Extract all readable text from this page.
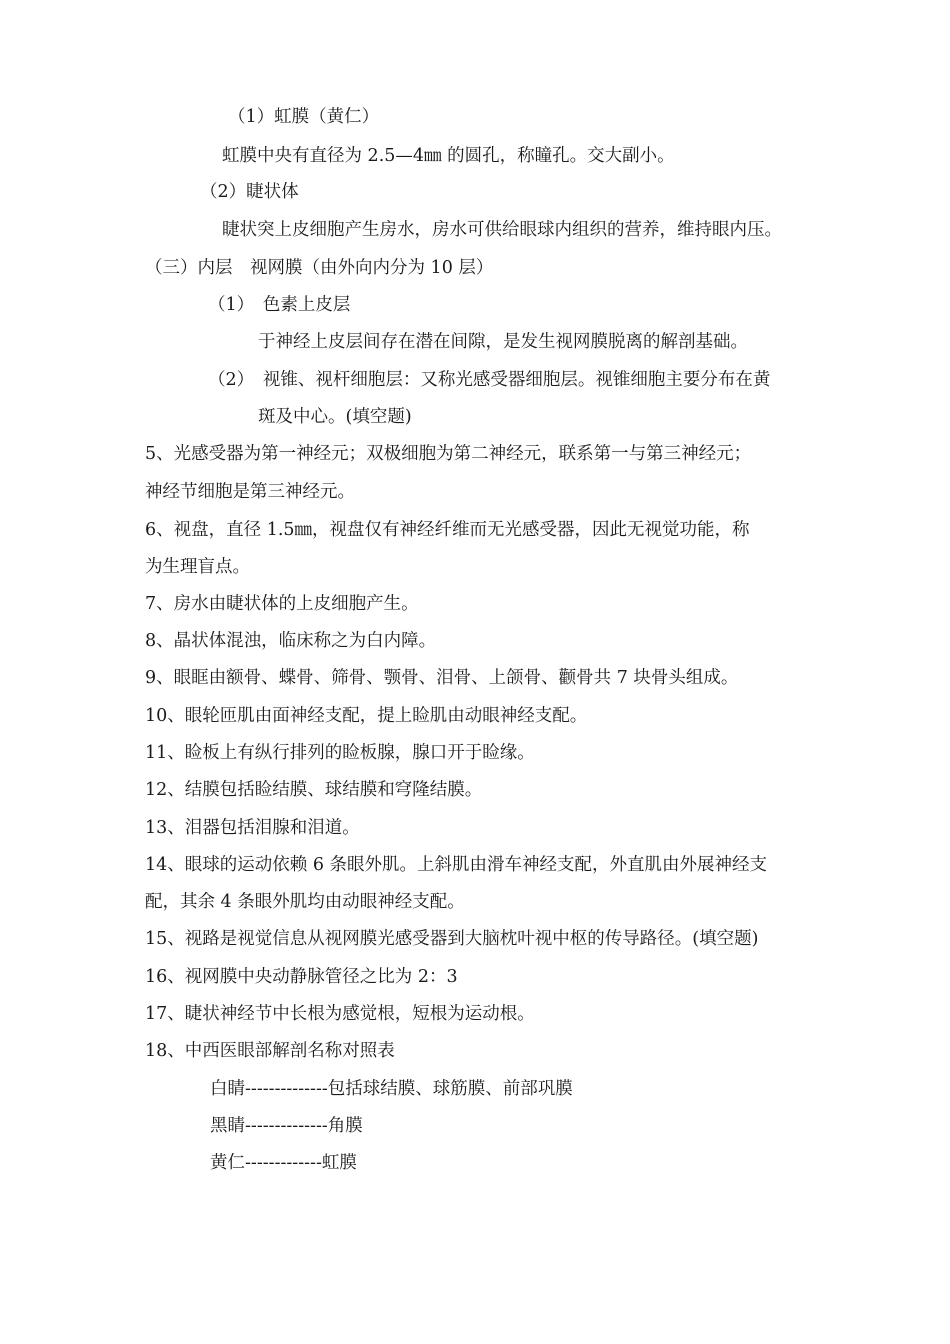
（1）虹膜（黄仁）
虹膜中央有直径为 2.5—4㎜ 的圆孔，称瞳孔。交大副小。
（2）睫状体
睫状突上皮细胞产生房水，房水可供给眼球内组织的营养，维持眼内压。
（三）内层　视网膜（由外向内分为 10 层）
（1）　色素上皮层
于神经上皮层间存在潜在间隙，是发生视网膜脱离的解剖基础。
（2）　视锥、视杆细胞层：又称光感受器细胞层。视锥细胞主要分布在黄
斑及中心。(填空题)
5、光感受器为第一神经元；双极细胞为第二神经元，联系第一与第三神经元；
神经节细胞是第三神经元。
6、视盘，直径 1.5㎜，视盘仅有神经纤维而无光感受器，因此无视觉功能，称
为生理盲点。
7、房水由睫状体的上皮细胞产生。
8、晶状体混浊，临床称之为白内障。
9、眼眶由额骨、蝶骨、筛骨、颚骨、泪骨、上颌骨、颧骨共 7 块骨头组成。
10、眼轮匝肌由面神经支配，提上睑肌由动眼神经支配。
11、睑板上有纵行排列的睑板腺，腺口开于睑缘。
12、结膜包括睑结膜、球结膜和穹隆结膜。
13、泪器包括泪腺和泪道。
14、眼球的运动依赖 6 条眼外肌。上斜肌由滑车神经支配，外直肌由外展神经支
配，其余 4 条眼外肌均由动眼神经支配。
15、视路是视觉信息从视网膜光感受器到大脑枕叶视中枢的传导路径。(填空题)
16、视网膜中央动静脉管径之比为 2：3
17、睫状神经节中长根为感觉根，短根为运动根。
18、中西医眼部解剖名称对照表
白睛--------------包括球结膜、球筋膜、前部巩膜
黑睛--------------角膜
黄仁-------------虹膜
